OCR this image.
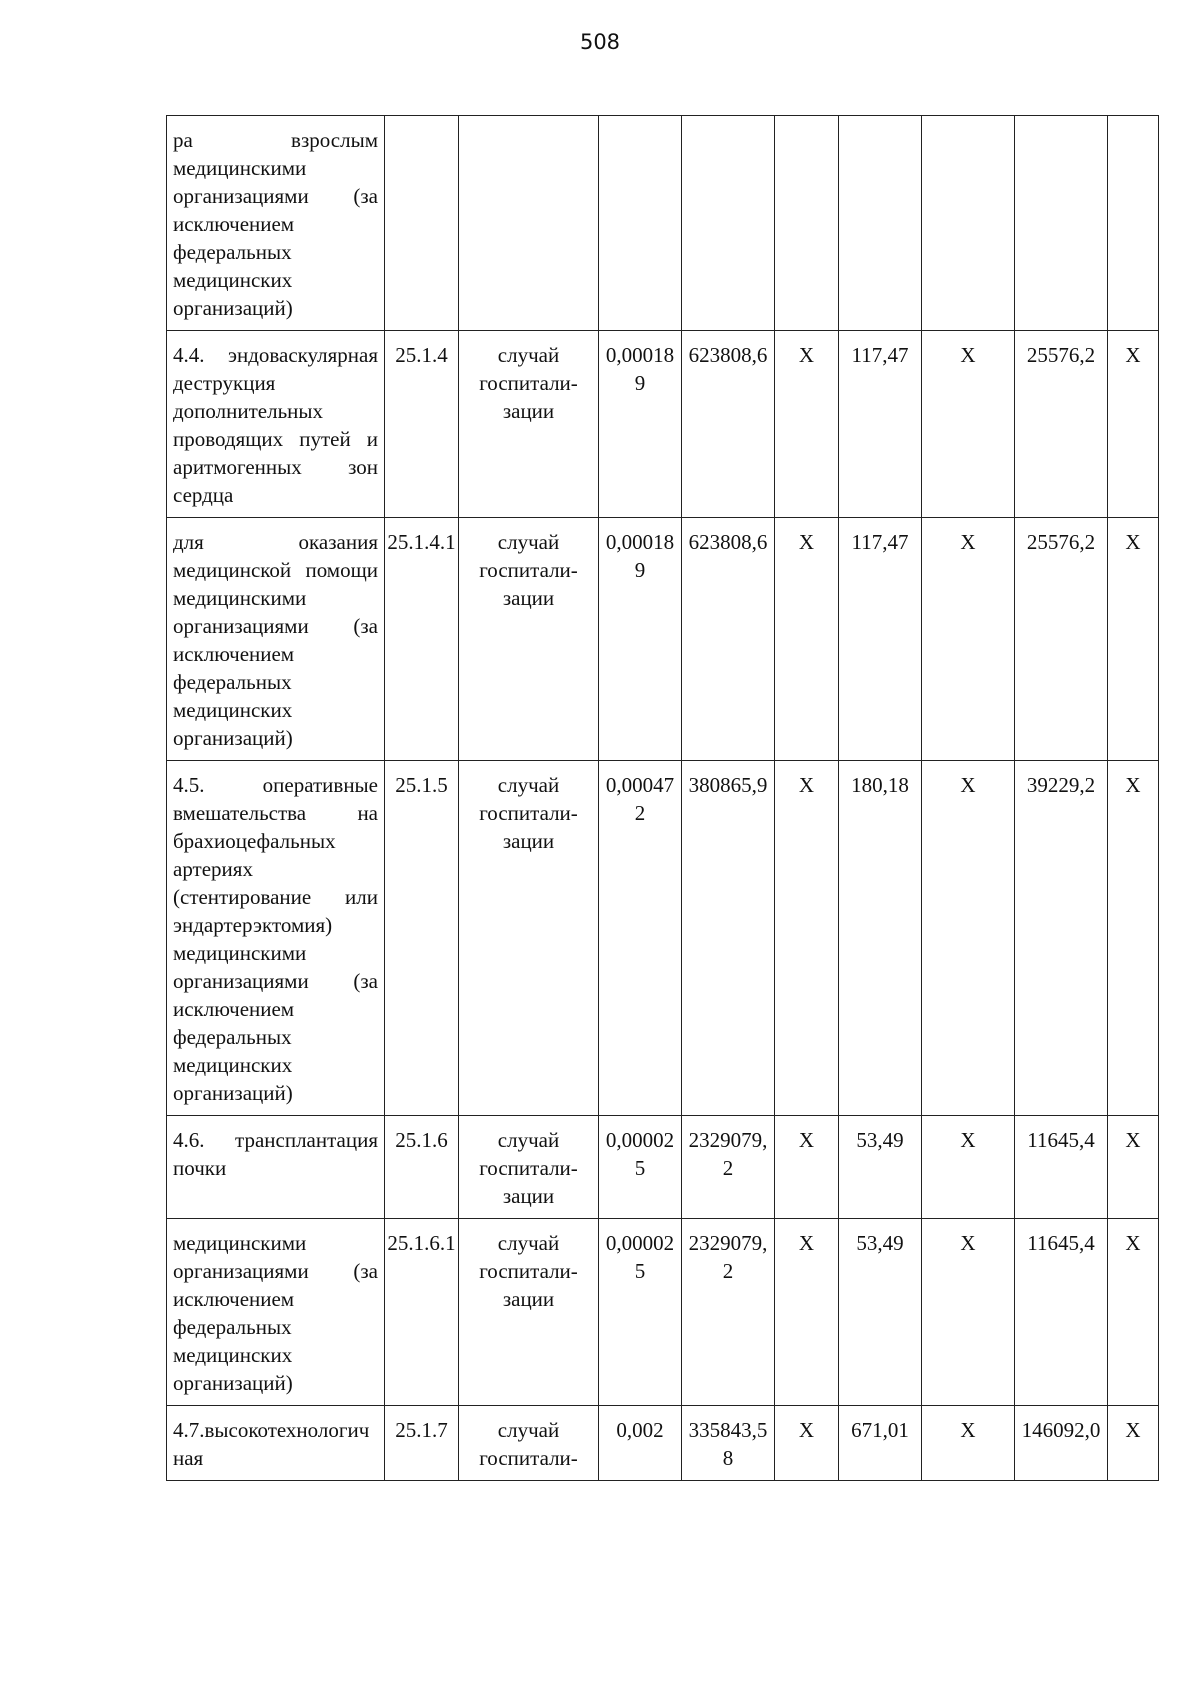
508
ра взрослым медицинскими организациями (за исключением федеральных медицинских организаций)									
4.4. эндоваскулярная деструкция дополнительных проводящих путей и аритмогенных зон сердца	25.1.4	случай госпитали-зации	0,000189	623808,6	Х	117,47	Х	25576,2	Х
для оказания медицинской помощи медицинскими организациями (за исключением федеральных медицинских организаций)	25.1.4.1	случай госпитали-зации	0,000189	623808,6	Х	117,47	Х	25576,2	Х
4.5. оперативные вмешательства на брахиоцефальных артериях (стентирование или эндартерэктомия) медицинскими организациями (за исключением федеральных медицинских организаций)	25.1.5	случай госпитали-зации	0,000472	380865,9	Х	180,18	Х	39229,2	Х
4.6. трансплантация почки	25.1.6	случай госпитали-зации	0,000025	2329079,2	Х	53,49	Х	11645,4	Х
медицинскими организациями (за исключением федеральных медицинских организаций)	25.1.6.1	случай госпитали-зации	0,000025	2329079,2	Х	53,49	Х	11645,4	Х
4.7.высокотехнологичная	25.1.7	случай госпитали-	0,002	335843,58	Х	671,01	Х	146092,0	Х
